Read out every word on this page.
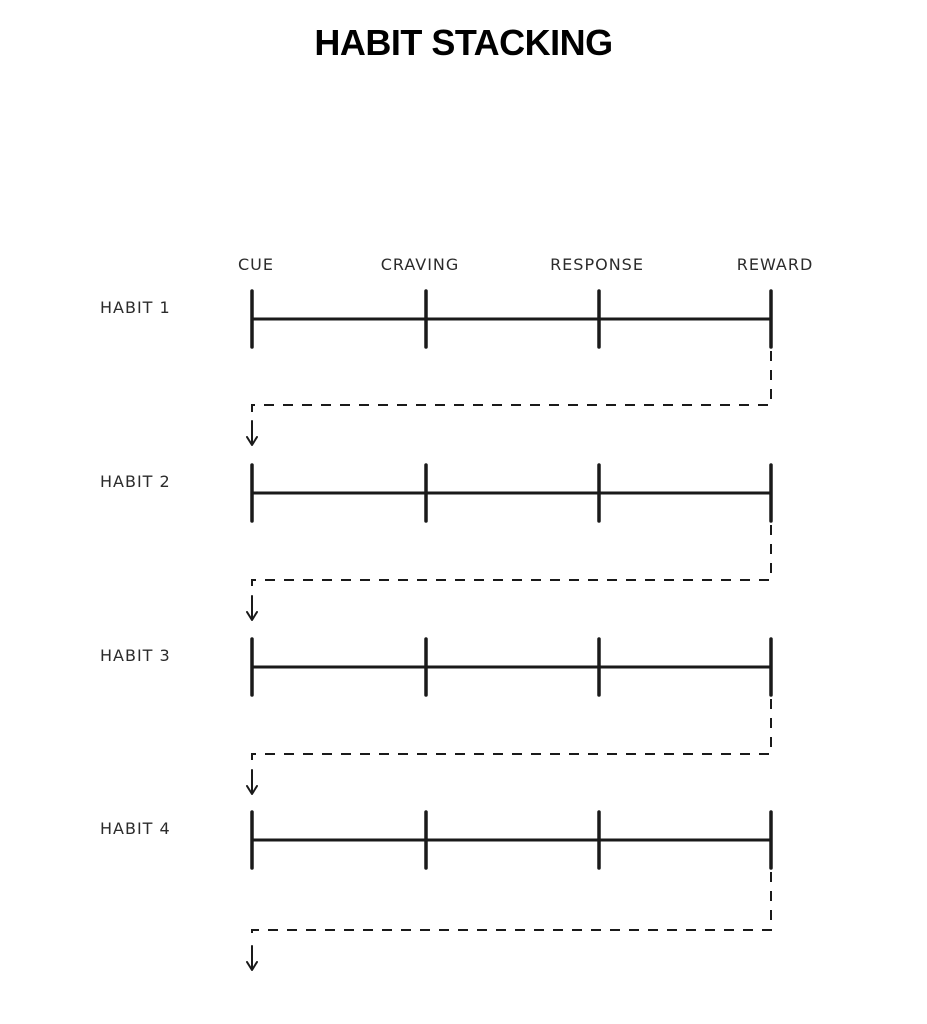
HABIT STACKING
CUE	CRAVING	RESPONSE	REWARD
HABIT 1
HABIT 2
HABIT 3
HABIT 4
